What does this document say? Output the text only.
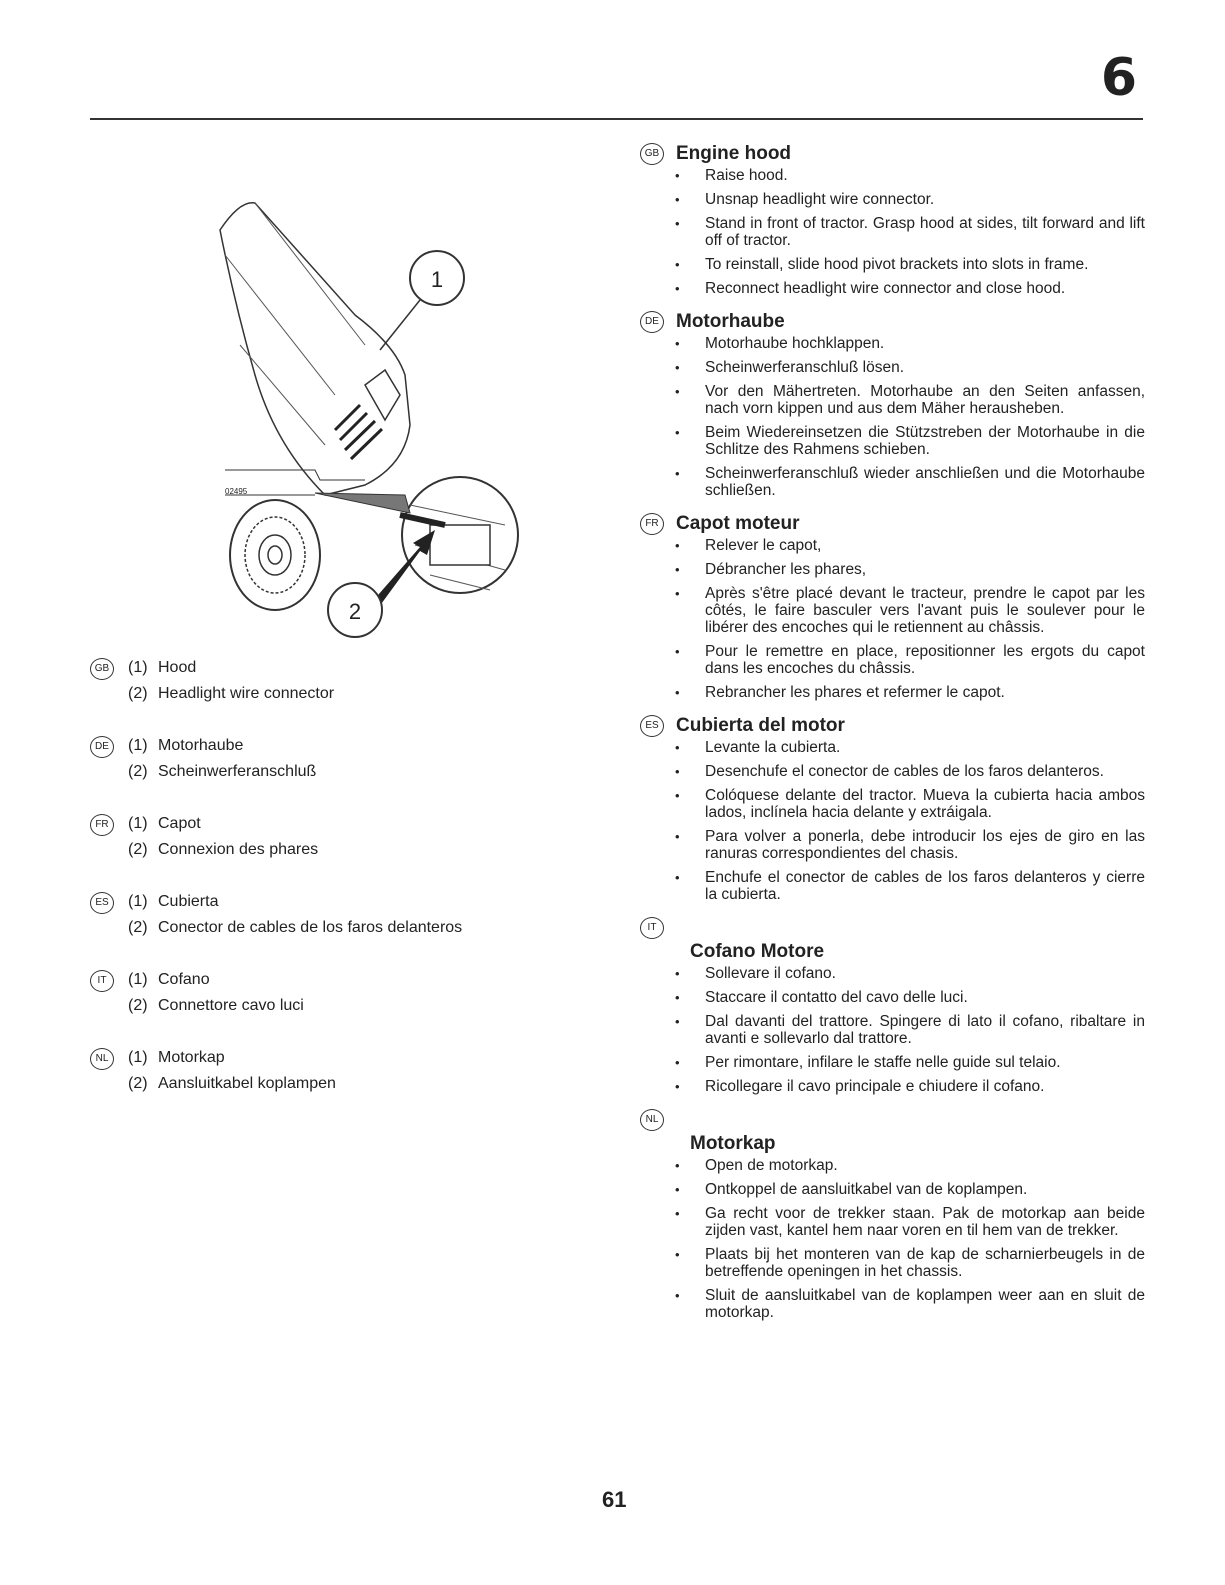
6
1
2
02495
GB	(1) Hood
(2) Headlight wire connector
DE	(1) Motorhaube
(2) Scheinwerferanschluß
FR	(1) Capot
(2) Connexion des phares
ES	(1) Cubierta
(2) Conector de cables de los faros delanteros
IT	(1) Cofano
(2) Connettore cavo luci
NL	(1) Motorkap
(2) Aansluitkabel koplampen
GB Engine hood
• Raise hood.
• Unsnap headlight wire connector.
• Stand in front of tractor. Grasp hood at sides, tilt forward and lift off of tractor.
• To reinstall, slide hood pivot brackets into slots in frame.
• Reconnect headlight wire connector and close hood.
DE Motorhaube
• Motorhaube hochklappen.
• Scheinwerferanschluß lösen.
• Vor den Mähertreten. Motorhaube an den Seiten anfassen, nach vorn kippen und aus dem Mäher herausheben.
• Beim Wiedereinsetzen die Stützstreben der Motorhaube in die Schlitze des Rahmens schieben.
• Scheinwerferanschluß wieder anschließen und die Motorhaube schließen.
FR Capot moteur
• Relever le capot,
• Débrancher les phares,
• Après s'être placé devant le tracteur, prendre le capot par les côtés, le faire basculer vers l'avant puis le soulever pour le libérer des encoches qui le retiennent au châssis.
• Pour le remettre en place, repositionner les ergots du capot dans les encoches du châssis.
• Rebrancher les phares et refermer le capot.
ES Cubierta del motor
• Levante la cubierta.
• Desenchufe el conector de cables de los faros delanteros.
• Colóquese delante del tractor. Mueva la cubierta hacia ambos lados, inclínela hacia delante y extráigala.
• Para volver a ponerla, debe introducir los ejes de giro en las ranuras correspondientes del chasis.
• Enchufe el conector de cables de los faros delanteros y cierre la cubierta.
IT
Cofano Motore
• Sollevare il cofano.
• Staccare il contatto del cavo delle luci.
• Dal davanti del trattore. Spingere di lato il cofano, ribaltare in avanti e sollevarlo dal trattore.
• Per rimontare, infilare le staffe nelle guide sul telaio.
• Ricollegare il cavo principale e chiudere il cofano.
NL
Motorkap
• Open de motorkap.
• Ontkoppel de aansluitkabel van de koplampen.
• Ga recht voor de trekker staan. Pak de motorkap aan beide zijden vast, kantel hem naar voren en til hem van de trekker.
• Plaats bij het monteren van de kap de scharnierbeugels in de betreffende openingen in het chassis.
• Sluit de aansluitkabel van de koplampen weer aan en sluit de motorkap.
61
